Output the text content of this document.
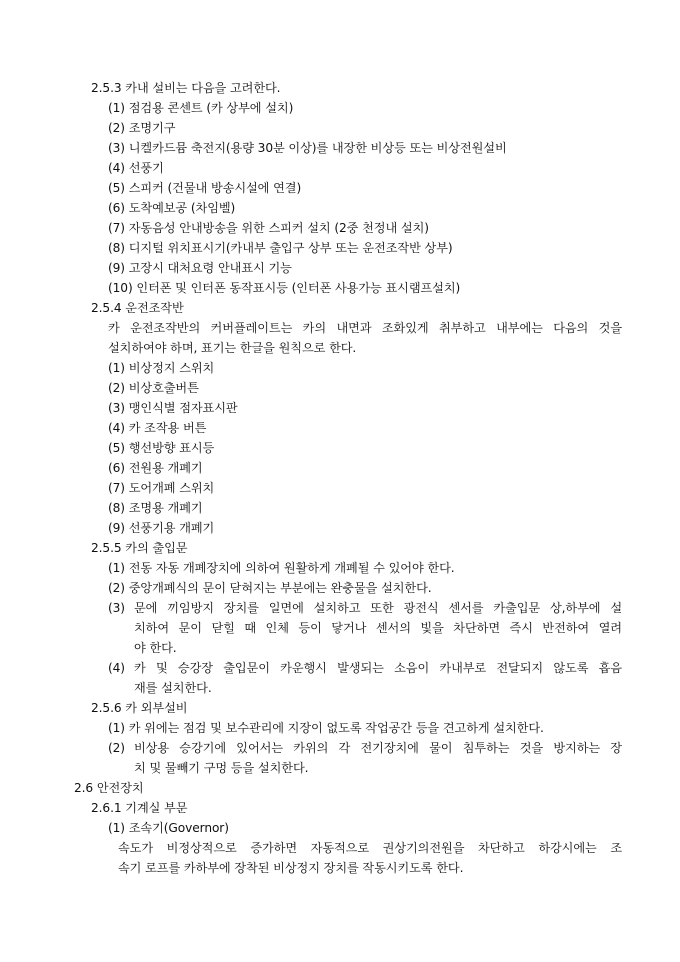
2.5.3 카내 설비는 다음을 고려한다.
(1) 점검용 콘센트 (카 상부에 설치)
(2) 조명기구
(3) 니켈카드뮴 축전지(용량 30분 이상)를 내장한 비상등 또는 비상전원설비
(4) 선풍기
(5) 스피커 (건물내 방송시설에 연결)
(6) 도착예보공 (차임벨)
(7) 자동음성 안내방송을 위한 스피커 설치 (2중 천정내 설치)
(8) 디지털 위치표시기(카내부 출입구 상부 또는 운전조작반 상부)
(9) 고장시 대처요령 안내표시 기능
(10) 인터폰 및 인터폰 동작표시등 (인터폰 사용가능 표시램프설치)
2.5.4 운전조작반
카 운전조작반의 커버플레이트는 카의 내면과 조화있게 취부하고 내부에는 다음의 것을
설치하여야 하며, 표기는 한글을 원칙으로 한다.
(1) 비상정지 스위치
(2) 비상호출버튼
(3) 맹인식별 점자표시판
(4) 카 조작용 버튼
(5) 행선방향 표시등
(6) 전원용 개폐기
(7) 도어개폐 스위치
(8) 조명용 개폐기
(9) 선풍기용 개폐기
2.5.5 카의 출입문
(1) 전동 자동 개폐장치에 의하여 원활하게 개폐될 수 있어야 한다.
(2) 중앙개폐식의 문이 닫혀지는 부분에는 완충물을 설치한다.
(3) 문에 끼임방지 장치를 일면에 설치하고 또한 광전식 센서를 카출입문 상,하부에 설
치하여 문이 닫힐 때 인체 등이 닿거나 센서의 빛을 차단하면 즉시 반전하여 열려
야 한다.
(4) 카 및 승강장 출입문이 카운행시 발생되는 소음이 카내부로 전달되지 않도록 흡음
재를 설치한다.
2.5.6 카 외부설비
(1) 카 위에는 점검 및 보수관리에 지장이 없도록 작업공간 등을 견고하게 설치한다.
(2) 비상용 승강기에 있어서는 카위의 각 전기장치에 물이 침투하는 것을 방지하는 장
치 및 물빼기 구멍 등을 설치한다.
2.6 안전장치
2.6.1 기계실 부문
(1) 조속기(Governor)
속도가 비정상적으로 증가하면 자동적으로 권상기의전원을 차단하고 하강시에는 조
속기 로프를 카하부에 장착된 비상정지 장치를 작동시키도록 한다.
